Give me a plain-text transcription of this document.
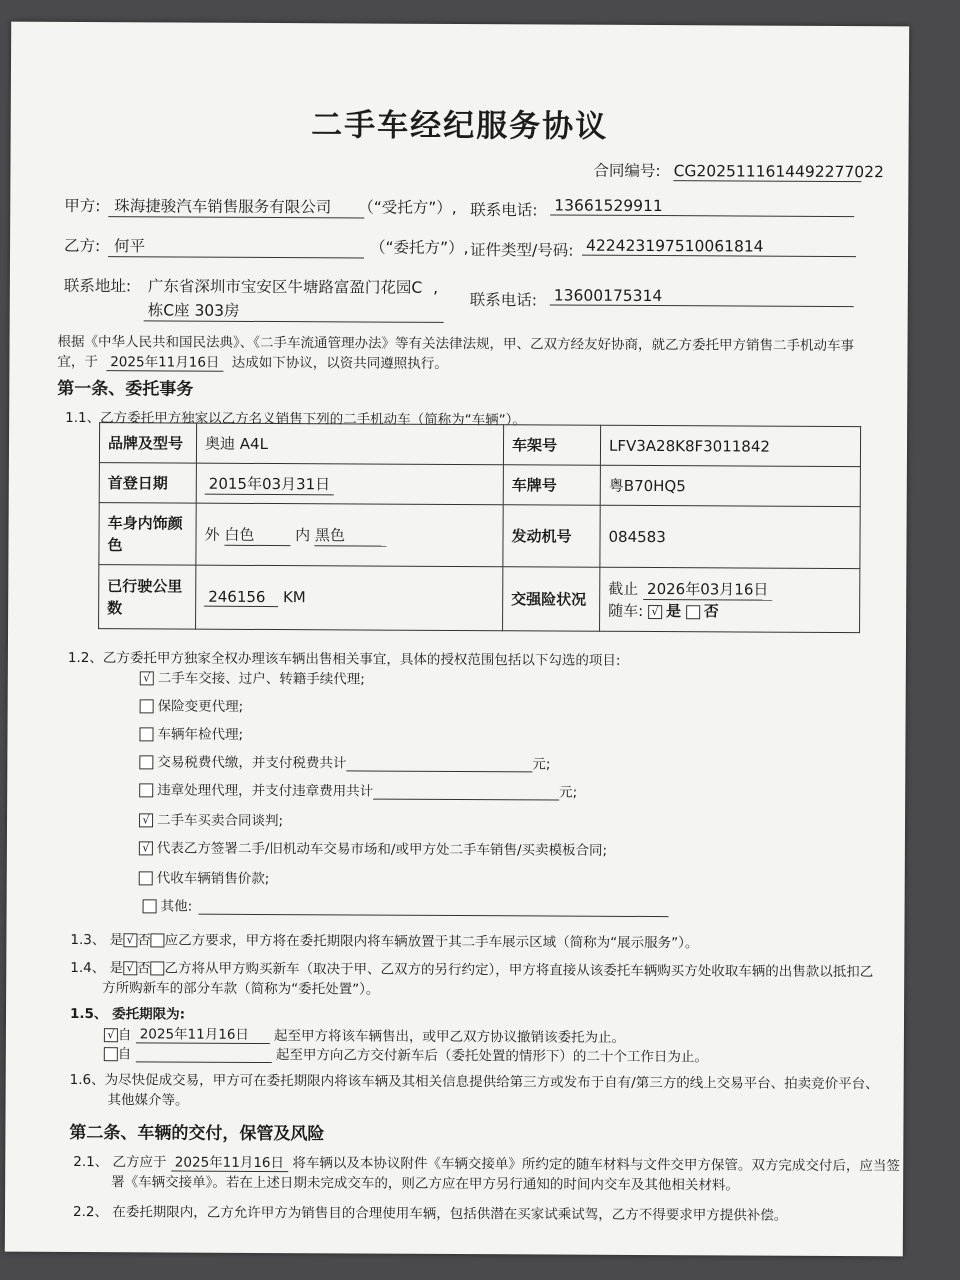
二手车经纪服务协议
合同编号: CG2025111614492277022
甲方: 珠海捷骏汽车销售服务有限公司	（“受托方”）, 联系电话: 13661529911
乙方: 何平	（“委托方”）, 证件类型/号码: 422423197510061814
联系地址: 广东省深圳市宝安区牛塘路富盈门花园C ,
栋C座 303房
联系电话: 13600175314
根据《中华人民共和国民法典》、《二手车流通管理办法》等有关法律法规，甲、乙双方经友好协商，就乙方委托甲方销售二手机动车事
宜，于 2025年11月16日 达成如下协议，以资共同遵照执行。
第一条、委托事务
1.1、乙方委托甲方独家以乙方名义销售下列的二手机动车（简称为“车辆”）。
品牌及型号	奥迪 A4L	车架号	LFV3A28K8F3011842
首登日期	2015年03月31日	车牌号	粤B70HQ5
车身内饰颜色	外 白色 内 黑色	发动机号	084583
已行驶公里数	246156 KM	交强险状况	截止 2026年03月16日
随车: √ 是 否
1.2、乙方委托甲方独家全权办理该车辆出售相关事宜，具体的授权范围包括以下勾选的项目:
√ 二手车交接、过户、转籍手续代理;
保险变更代理;
车辆年检代理;
交易税费代缴，并支付税费共计	元;
违章处理代理，并支付违章费用共计	元;
√ 二手车买卖合同谈判;
√ 代表乙方签署二手/旧机动车交易市场和/或甲方处二手车销售/买卖模板合同;
代收车辆销售价款;
其他:
1.3、 是 √ 否 应乙方要求，甲方将在委托期限内将车辆放置于其二手车展示区域（简称为“展示服务”）。
1.4、 是 √ 否 乙方将从甲方购买新车（取决于甲、乙双方的另行约定），甲方将直接从该委托车辆购买方处收取车辆的出售款以抵扣乙
方所购新车的部分车款（简称为“委托处置”）。
1.5、 委托期限为:
√ 自 2025年11月16日 起至甲方将该车辆售出，或甲乙双方协议撤销该委托为止。
自	起至甲方向乙方交付新车后（委托处置的情形下）的二十个工作日为止。
1.6、为尽快促成交易，甲方可在委托期限内将该车辆及其相关信息提供给第三方或发布于自有/第三方的线上交易平台、拍卖竞价平台、
其他媒介等。
第二条、车辆的交付，保管及风险
2.1、 乙方应于 2025年11月16日 将车辆以及本协议附件《车辆交接单》所约定的随车材料与文件交甲方保管。双方完成交付后，应当签
署《车辆交接单》。若在上述日期未完成交车的，则乙方应在甲方另行通知的时间内交车及其他相关材料。
2.2、 在委托期限内，乙方允许甲方为销售目的合理使用车辆，包括供潜在买家试乘试驾，乙方不得要求甲方提供补偿。
